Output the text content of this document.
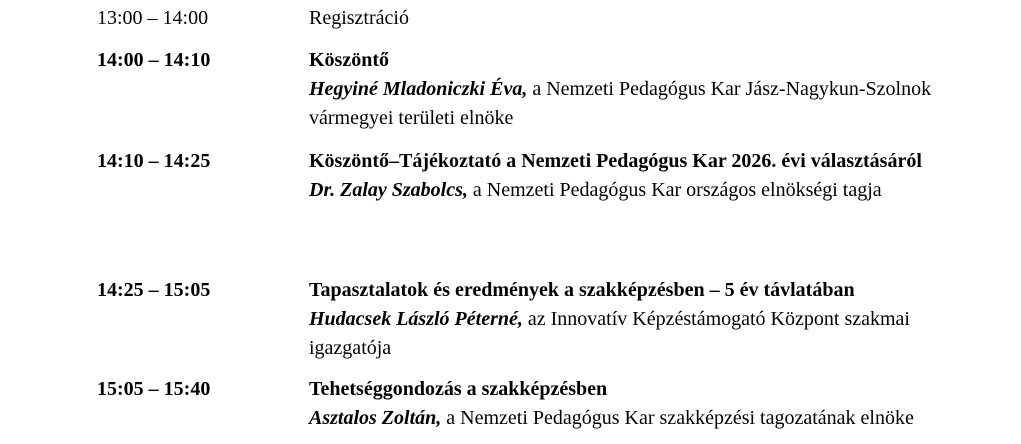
13:00 – 14:00	Regisztráció
14:00 – 14:10	Köszöntő
Hegyiné Mladoniczki Éva, a Nemzeti Pedagógus Kar Jász-Nagykun-Szolnok vármegyei területi elnöke
14:10 – 14:25	Köszöntő–Tájékoztató a Nemzeti Pedagógus Kar 2026. évi választásáról
Dr. Zalay Szabolcs, a Nemzeti Pedagógus Kar országos elnökségi tagja
14:25 – 15:05	Tapasztalatok és eredmények a szakképzésben – 5 év távlatában
Hudacsek László Péterné, az Innovatív Képzéstámogató Központ szakmai igazgatója
15:05 – 15:40	Tehetséggondozás a szakképzésben
Asztalos Zoltán, a Nemzeti Pedagógus Kar szakképzési tagozatának elnöke
